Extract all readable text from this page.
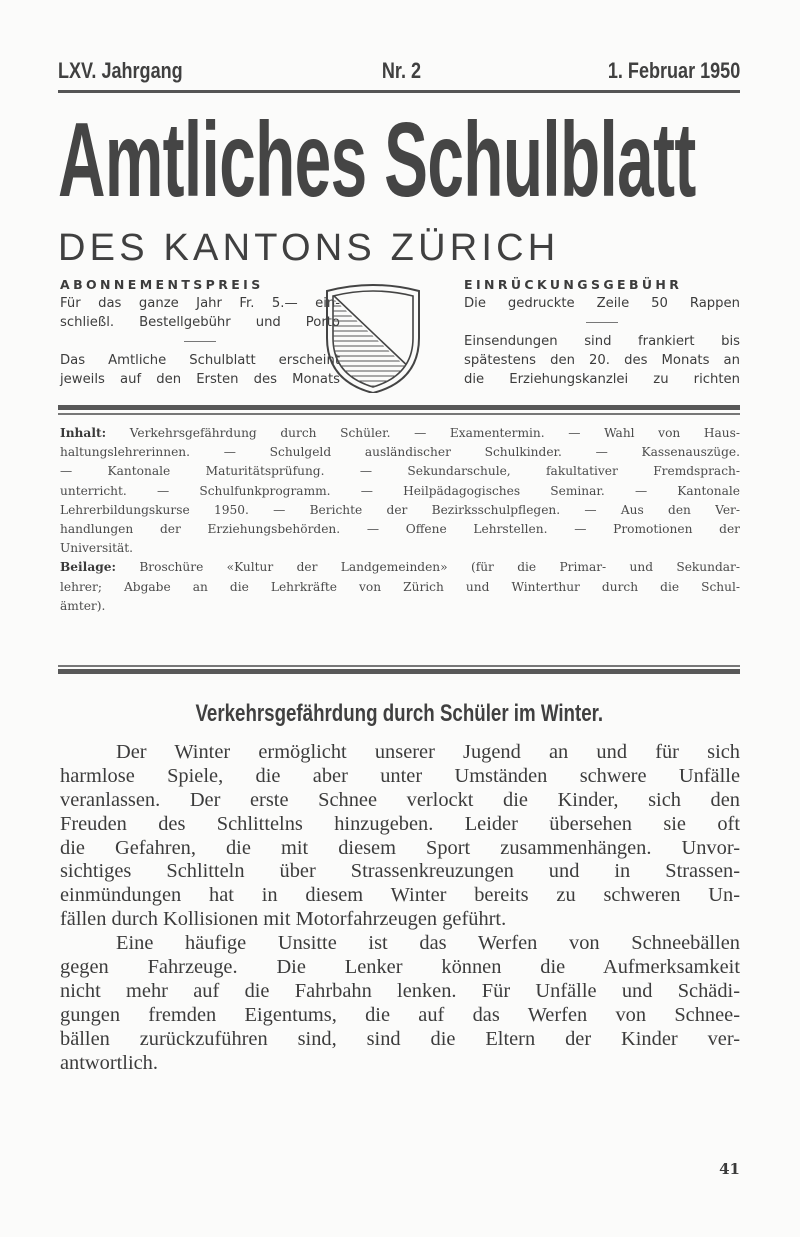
LXV. Jahrgang	Nr. 2	1. Februar 1950
Amtliches Schulblatt
DES KANTONS ZÜRICH
ABONNEMENTSPREIS
Für das ganze Jahr Fr. 5.— ein-
schließl. Bestellgebühr und Porto
Das Amtliche Schulblatt erscheint
jeweils auf den Ersten des Monats
EINRÜCKUNGSGEBÜHR
Die gedruckte Zeile 50 Rappen
Einsendungen sind frankiert bis
spätestens den 20. des Monats an
die Erziehungskanzlei zu richten
Inhalt: Verkehrsgefährdung durch Schüler. — Examentermin. — Wahl von Haus-
haltungslehrerinnen. — Schulgeld ausländischer Schulkinder. — Kassenauszüge.
— Kantonale Maturitätsprüfung. — Sekundarschule, fakultativer Fremdsprach-
unterricht. — Schulfunkprogramm. — Heilpädagogisches Seminar. — Kantonale
Lehrerbildungskurse 1950. — Berichte der Bezirksschulpflegen. — Aus den Ver-
handlungen der Erziehungsbehörden. — Offene Lehrstellen. — Promotionen der
Universität.
Beilage: Broschüre «Kultur der Landgemeinden» (für die Primar- und Sekundar-
lehrer; Abgabe an die Lehrkräfte von Zürich und Winterthur durch die Schul-
ämter).
Verkehrsgefährdung durch Schüler im Winter.
Der Winter ermöglicht unserer Jugend an und für sich
harmlose Spiele, die aber unter Umständen schwere Unfälle
veranlassen. Der erste Schnee verlockt die Kinder, sich den
Freuden des Schlittelns hinzugeben. Leider übersehen sie oft
die Gefahren, die mit diesem Sport zusammenhängen. Unvor-
sichtiges Schlitteln über Strassenkreuzungen und in Strassen-
einmündungen hat in diesem Winter bereits zu schweren Un-
fällen durch Kollisionen mit Motorfahrzeugen geführt.
Eine häufige Unsitte ist das Werfen von Schneebällen
gegen Fahrzeuge. Die Lenker können die Aufmerksamkeit
nicht mehr auf die Fahrbahn lenken. Für Unfälle und Schädi-
gungen fremden Eigentums, die auf das Werfen von Schnee-
bällen zurückzuführen sind, sind die Eltern der Kinder ver-
antwortlich.
41
